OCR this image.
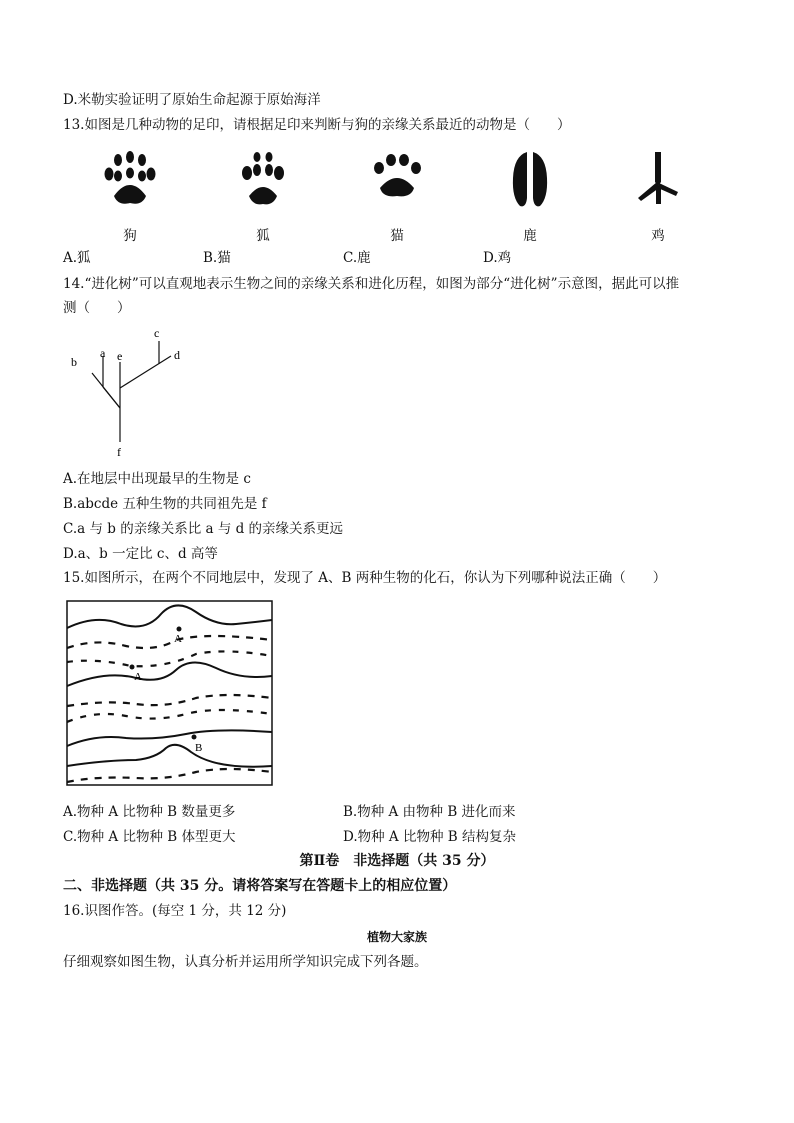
D.米勒实验证明了原始生命起源于原始海洋
13.如图是几种动物的足印，请根据足印来判断与狗的亲缘关系最近的动物是（　　）
狗	狐	猫	鹿	鸡
A.狐	B.猫	C.鹿	D.鸡
14.“进化树”可以直观地表示生物之间的亲缘关系和进化历程，如图为部分“进化树”示意图，据此可以推
测（　　）
b
a e
c
d
f
A.在地层中出现最早的生物是 c
B.abcde 五种生物的共同祖先是 f
C.a 与 b 的亲缘关系比 a 与 d 的亲缘关系更远
D.a、b 一定比 c、d 高等
15.如图所示，在两个不同地层中，发现了 A、B 两种生物的化石，你认为下列哪种说法正确（　　）
A
A
B
A.物种 A 比物种 B 数量更多	B.物种 A 由物种 B 进化而来
C.物种 A 比物种 B 体型更大	D.物种 A 比物种 B 结构复杂
第Ⅱ卷　非选择题（共 35 分）
二、非选择题（共 35 分。请将答案写在答题卡上的相应位置）
16.识图作答。(每空 1 分，共 12 分)
植物大家族
仔细观察如图生物，认真分析并运用所学知识完成下列各题。
